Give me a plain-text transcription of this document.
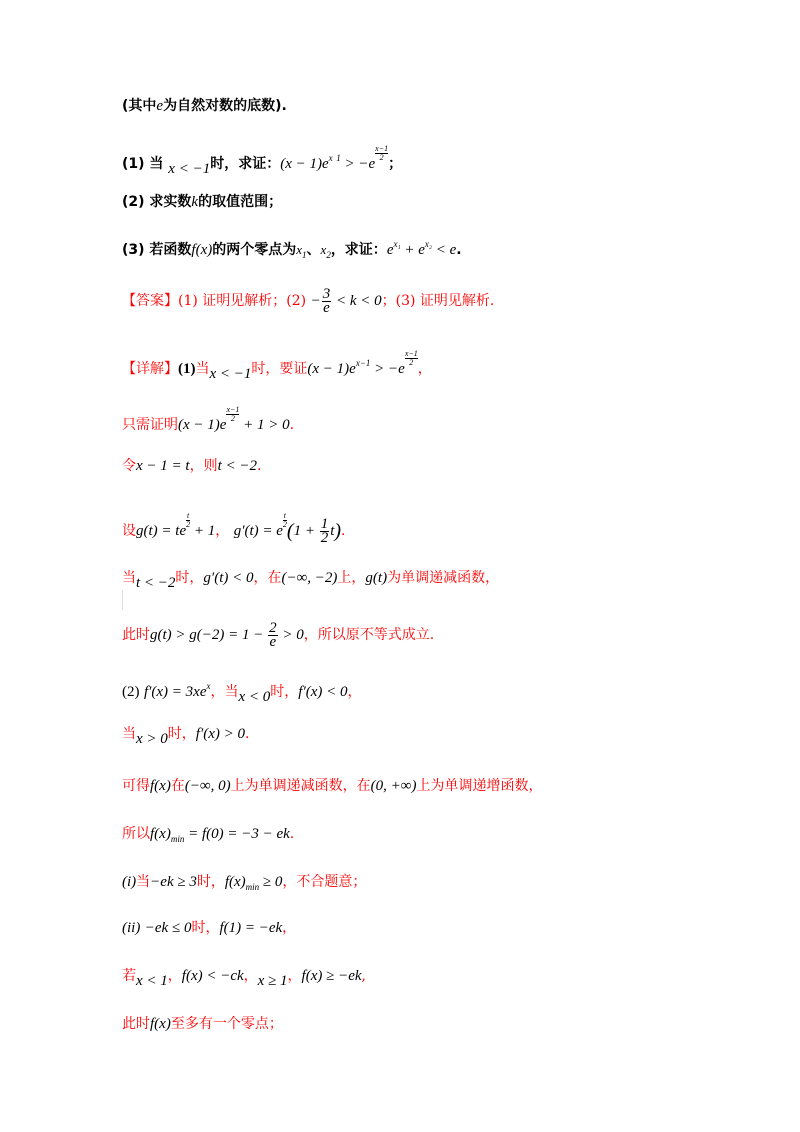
(其中e为自然对数的底数).
(1) 当 x < −1时，求证：$(x - 1)e^{x 1} > -e$
$\frac{x-1}{2}$
；
(2) 求实数k的取值范围；
(3) 若函数f(x)的两个零点为$x_1$、$x_2$，求证：$e^{x_1} + e^{x_2} < e$.
【答案】(1) 证明见解析；$(2) - \frac{3}{e} < k < 0$；(3) 证明见解析.
【详解】(1)当x < −1时，要证$(x - 1)e^{x-1} > -e$
$\frac{x-1}{2}$
，
只需证明(x − 1)e
$\frac{x-1}{2}$
+ 1 > 0.
令x − 1 = t，则t < −2.
设g(t) = te
$\frac{t}{2}$
+ 1， g′(t) = e
$\frac{t}{2} (1 + \frac{1}{2} t)$.
当t < −2时，g′(t) < 0，在(−∞, −2)上，g(t)为单调递减函数，
此时$g(t) > g(-2) = 1 - \frac{2}{e} > 0$，所以原不等式成立.
(2) $f'(x) = 3xe^x$，当x < 0时，f′(x) < 0，
当x > 0时，f′(x) > 0.
可得f(x)在(−∞, 0)上为单调递减函数，在(0, +∞)上为单调递增函数，
所以$f(x)_{min} = f(0) = -3$ − ek.
(i)当−ek ≥ 3时，$f(x)_{min} \ge 0$，不合题意；
(ii) −ek ≤ 0时，f(1) = −ek，
若x < 1，f(x) < −ck，x ≥ 1，f(x) ≥ −ek,
此时f(x)至多有一个零点；
